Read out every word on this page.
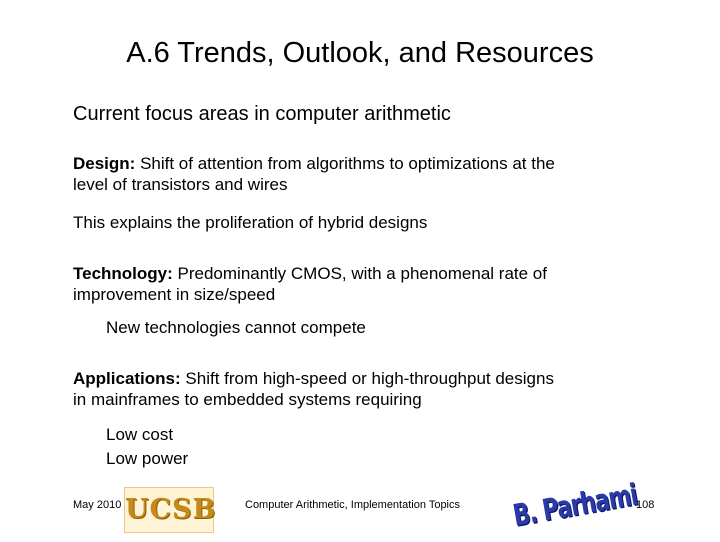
A.6 Trends, Outlook, and Resources
Current focus areas in computer arithmetic
Design: Shift of attention from algorithms to optimizations at the
level of transistors and wires
This explains the proliferation of hybrid designs
Technology: Predominantly CMOS, with a phenomenal rate of
improvement in size/speed
New technologies cannot compete
Applications: Shift from high-speed or high-throughput designs
in mainframes to embedded systems requiring
Low cost
Low power
May 2010 UCSB	Computer Arithmetic, Implementation Topics B. Parhami
108
